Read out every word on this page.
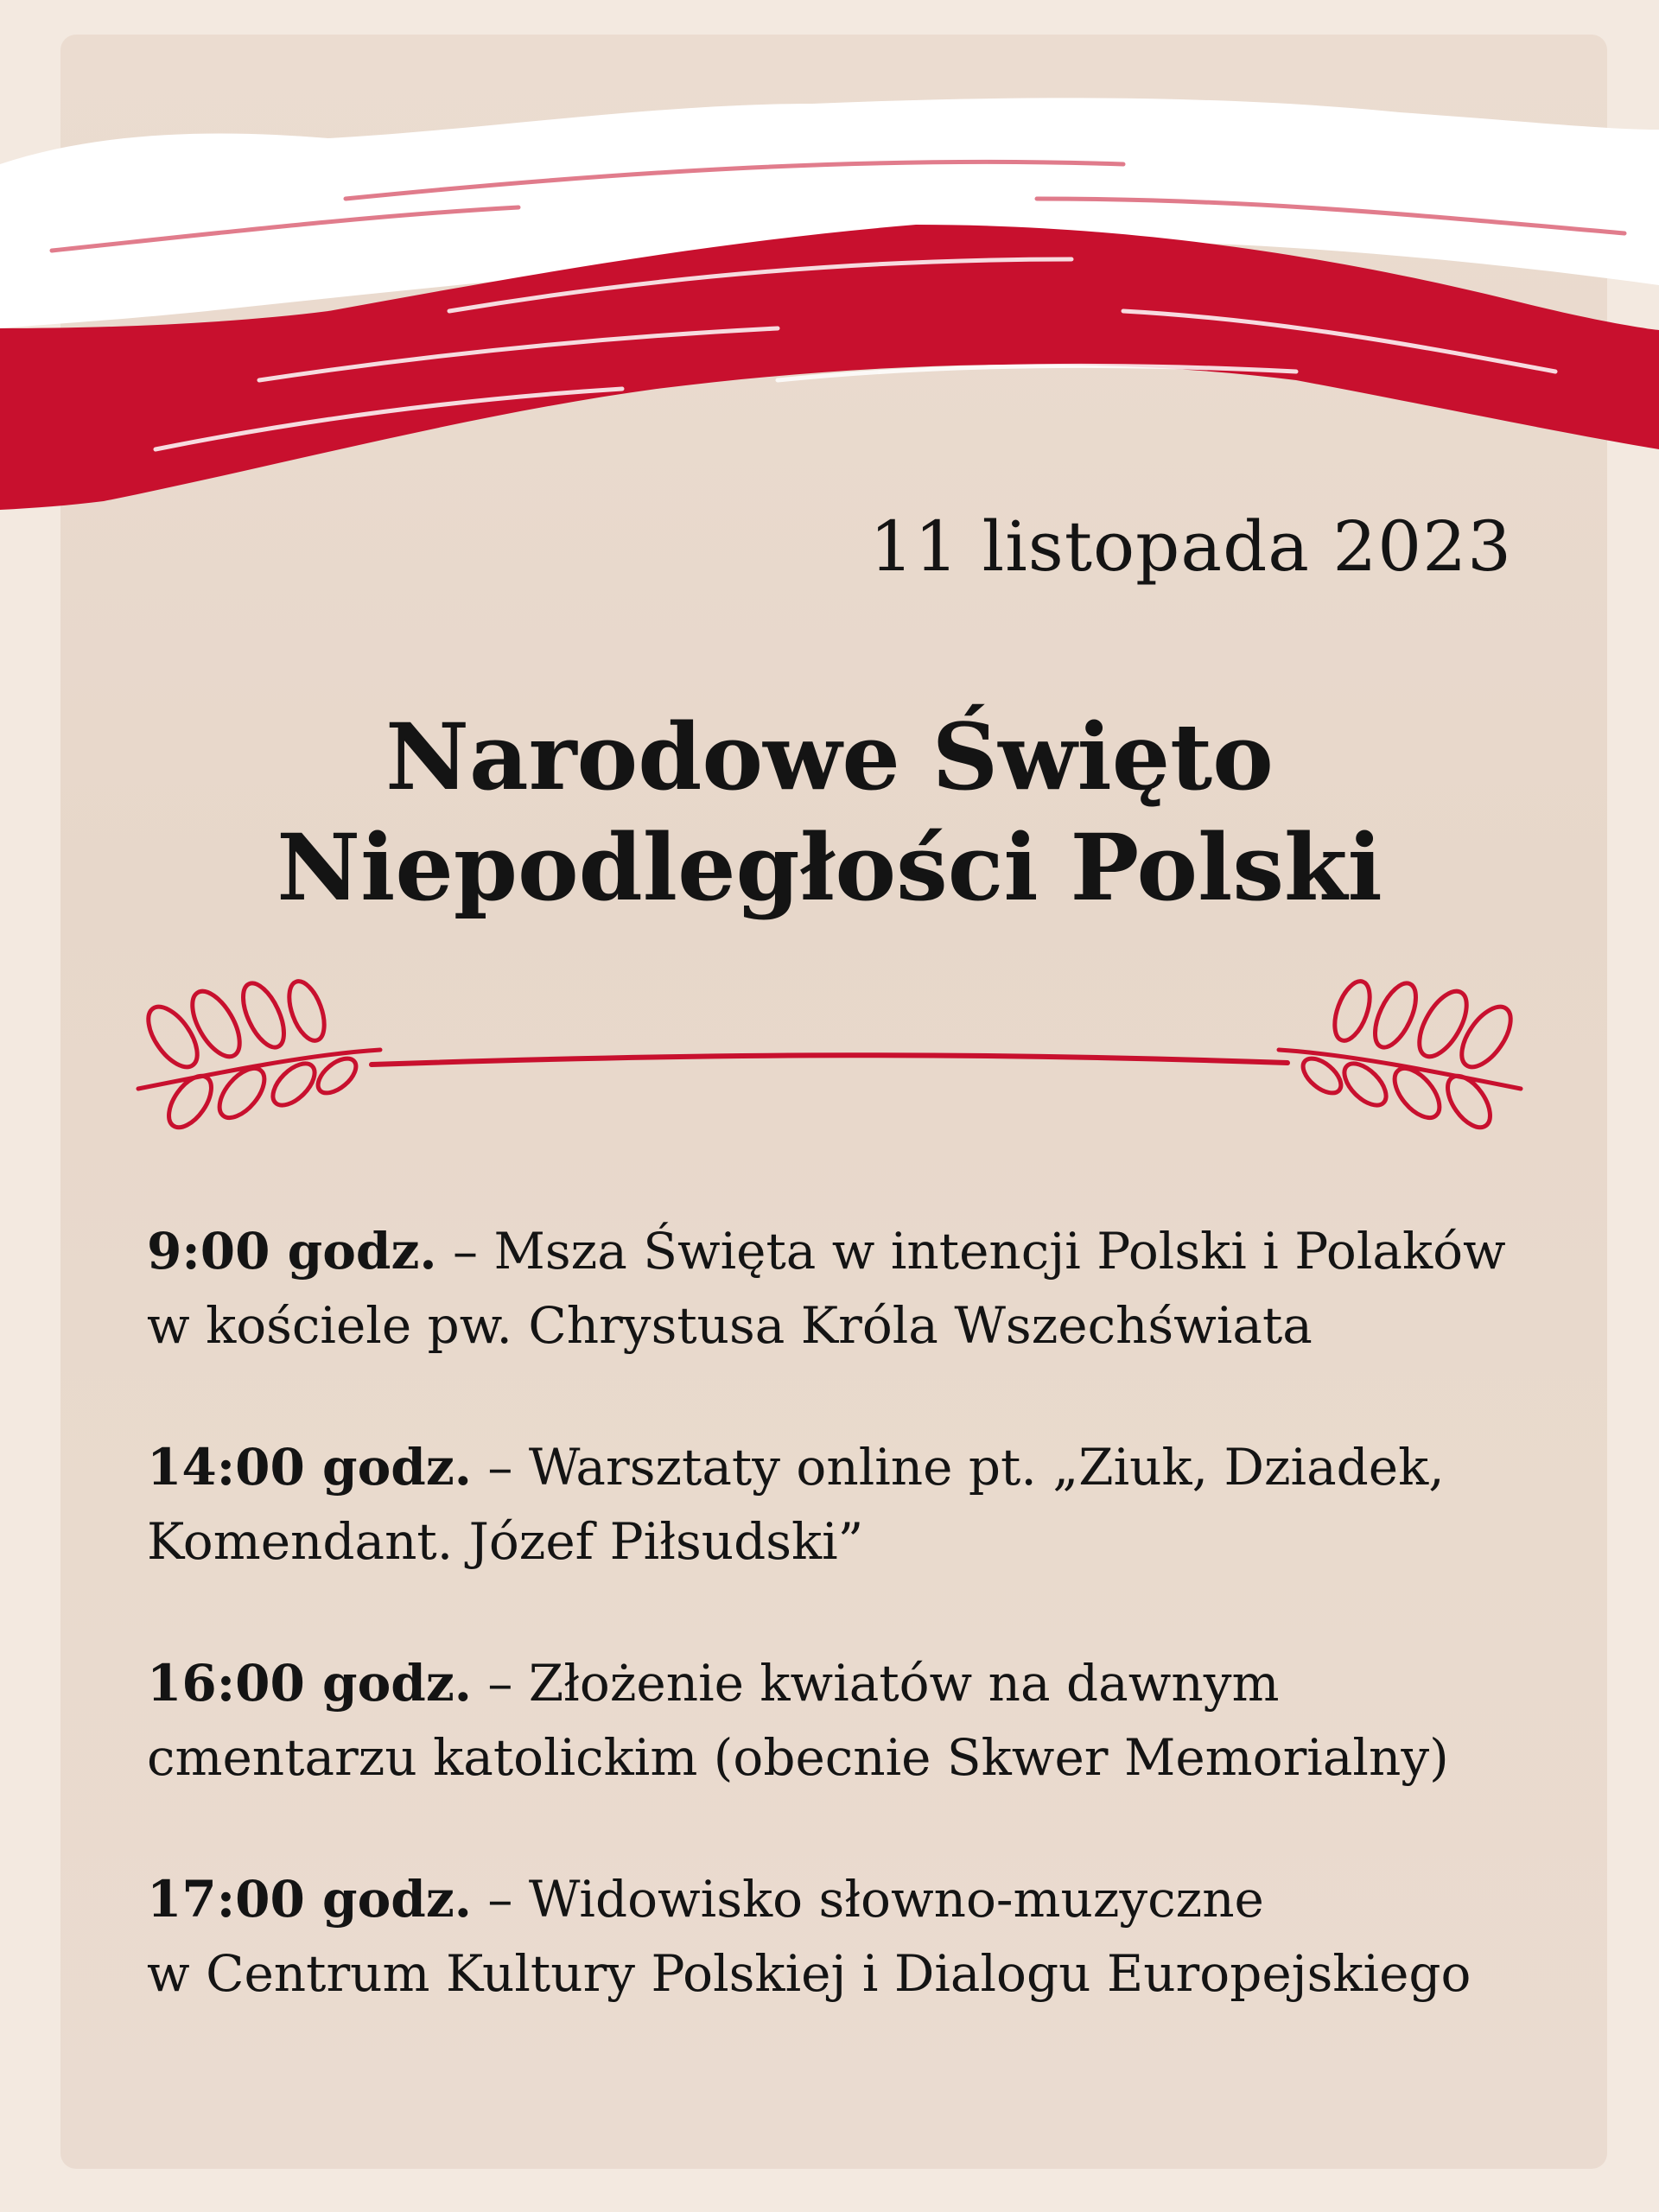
11 listopada 2023

Narodowe Święto
Niepodległości Polski
9:00 godz. – Msza Święta w intencji Polski i Polaków
w kościele pw. Chrystusa Króla Wszechświata
14:00 godz. – Warsztaty online pt. „Ziuk, Dziadek,
Komendant. Józef Piłsudski”
16:00 godz. – Złożenie kwiatów na dawnym
cmentarzu katolickim (obecnie Skwer Memorialny)
17:00 godz. – Widowisko słowno-muzyczne
w Centrum Kultury Polskiej i Dialogu Europejskiego
